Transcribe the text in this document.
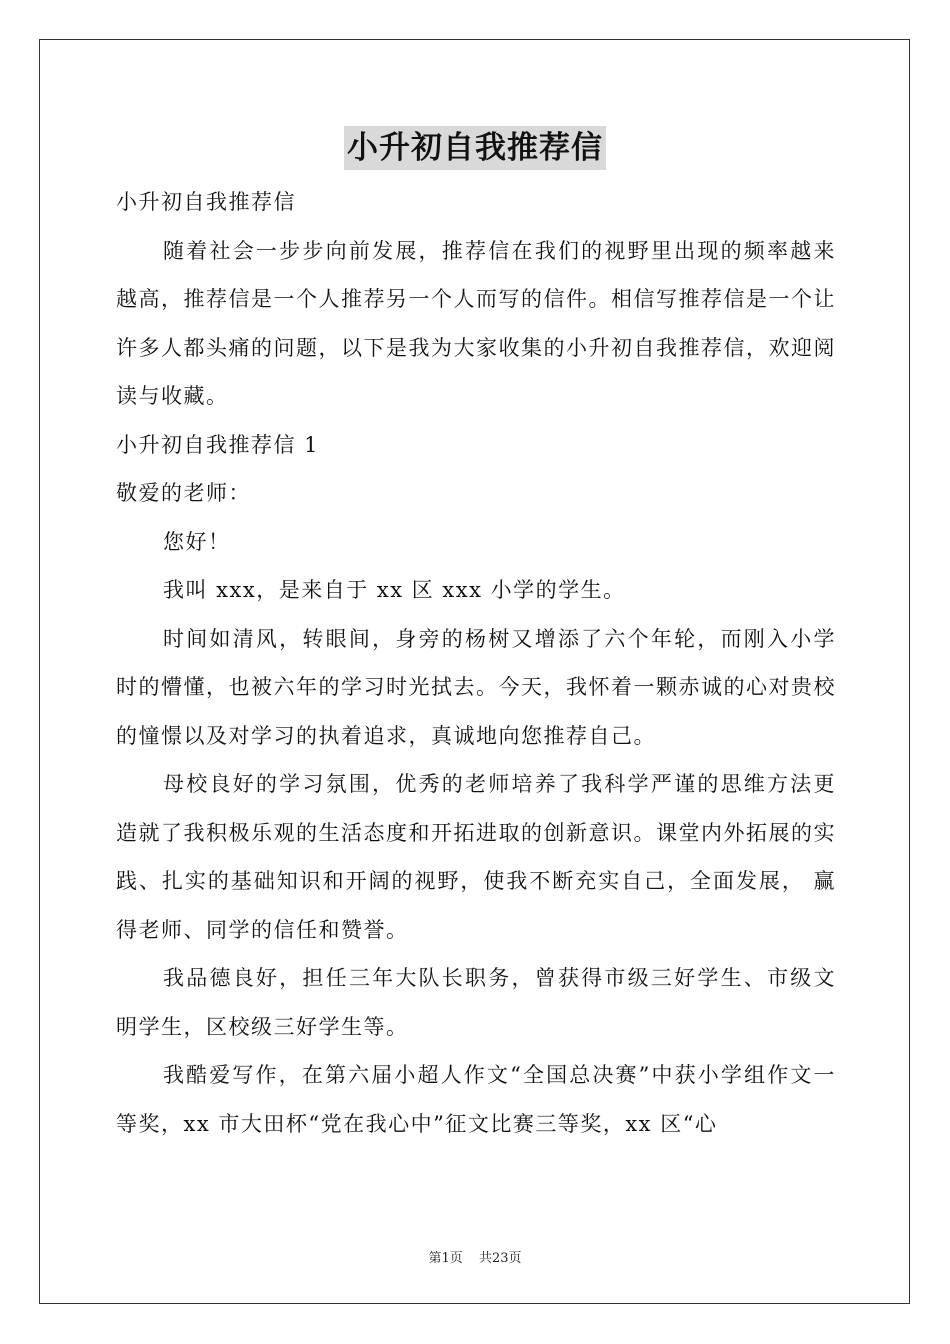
小升初自我推荐信

小升初自我推荐信

随着社会一步步向前发展，推荐信在我们的视野里出现的频率越来越高，推荐信是一个人推荐另一个人而写的信件。相信写推荐信是一个让许多人都头痛的问题，以下是我为大家收集的小升初自我推荐信，欢迎阅读与收藏。

小升初自我推荐信 1

敬爱的老师：

您好！

我叫 xxx，是来自于 xx 区 xxx 小学的学生。

时间如清风，转眼间，身旁的杨树又增添了六个年轮，而刚入小学时的懵懂，也被六年的学习时光拭去。今天，我怀着一颗赤诚的心对贵校的憧憬以及对学习的执着追求，真诚地向您推荐自己。

母校良好的学习氛围，优秀的老师培养了我科学严谨的思维方法更造就了我积极乐观的生活态度和开拓进取的创新意识。课堂内外拓展的实践、扎实的基础知识和开阔的视野，使我不断充实自己，全面发展， 赢得老师、同学的信任和赞誉。

我品德良好，担任三年大队长职务，曾获得市级三好学生、市级文明学生，区校级三好学生等。

我酷爱写作，在第六届小超人作文“全国总决赛”中获小学组作文一等奖，xx 市大田杯“党在我心中”征文比赛三等奖，xx 区“心

第1页 共23页
